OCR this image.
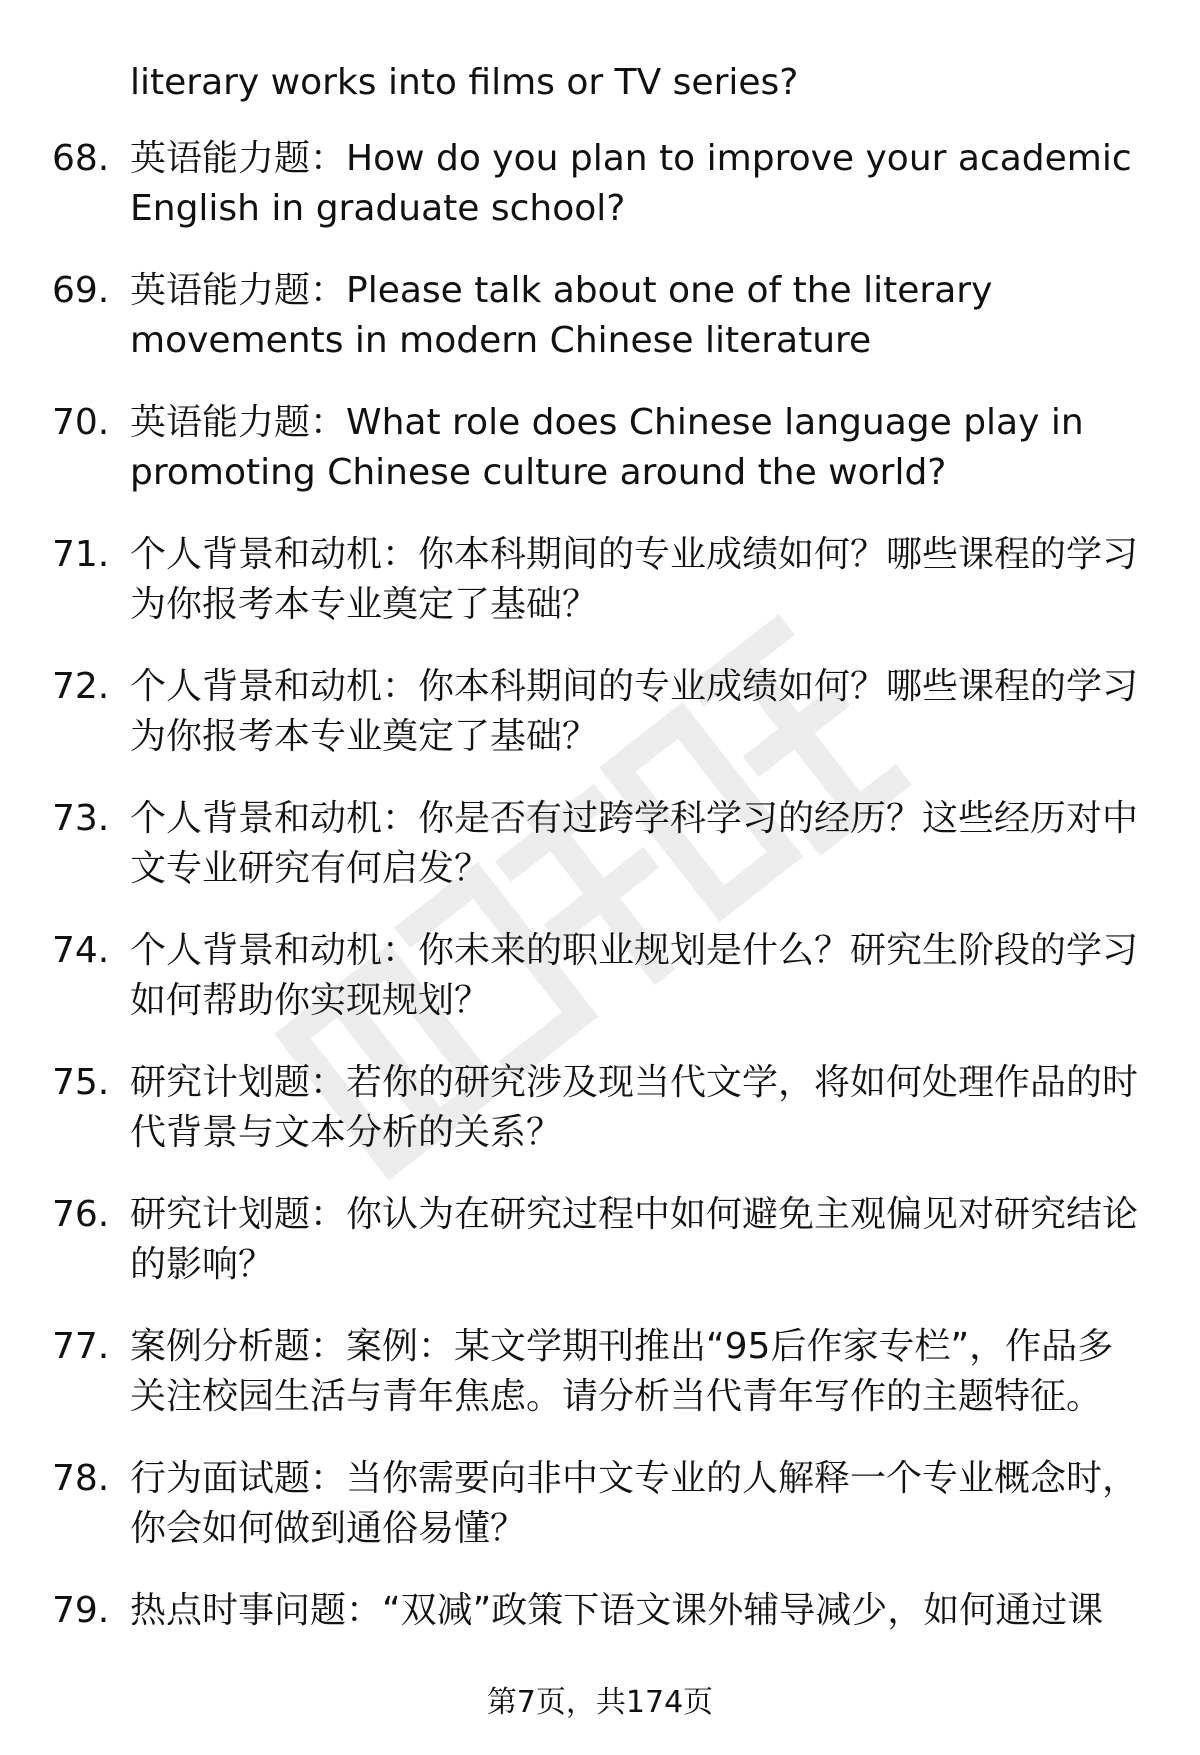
literary works into films or TV series?
68. 英语能力题：How do you plan to improve your academic
English in graduate school?
69. 英语能力题：Please talk about one of the literary
movements in modern Chinese literature
70. 英语能力题：What role does Chinese language play in
promoting Chinese culture around the world?
71. 个人背景和动机：你本科期间的专业成绩如何？哪些课程的学习
为你报考本专业奠定了基础？
72. 个人背景和动机：你本科期间的专业成绩如何？哪些课程的学习
为你报考本专业奠定了基础？
73. 个人背景和动机：你是否有过跨学科学习的经历？这些经历对中
文专业研究有何启发？
74. 个人背景和动机：你未来的职业规划是什么？研究生阶段的学习
如何帮助你实现规划？
75. 研究计划题：若你的研究涉及现当代文学，将如何处理作品的时
代背景与文本分析的关系？
76. 研究计划题：你认为在研究过程中如何避免主观偏见对研究结论
的影响？
77. 案例分析题：案例：某文学期刊推出“95后作家专栏”，作品多
关注校园生活与青年焦虑。请分析当代青年写作的主题特征。
78. 行为面试题：当你需要向非中文专业的人解释一个专业概念时，
你会如何做到通俗易懂？
79. 热点时事问题：“双减”政策下语文课外辅导减少，如何通过课
第7页，共174页
